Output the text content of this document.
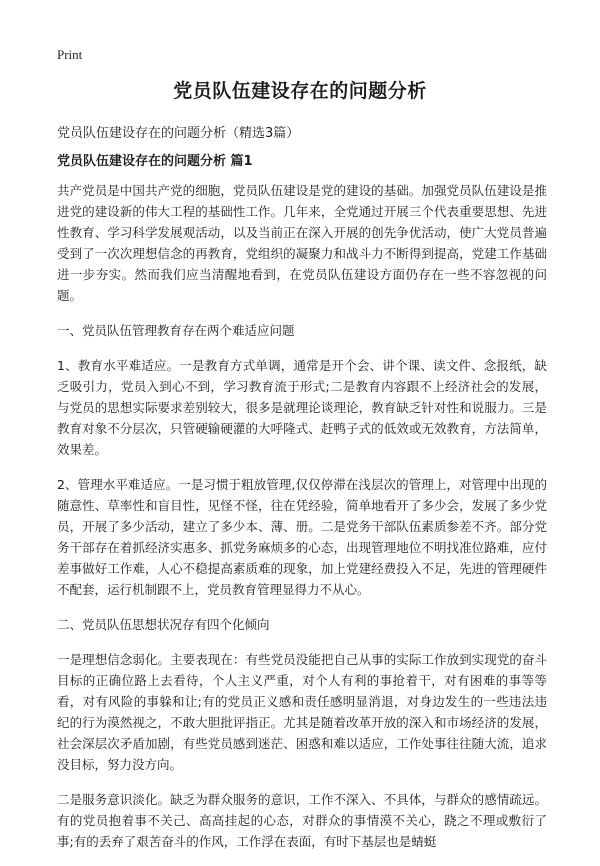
Print
党员队伍建设存在的问题分析
党员队伍建设存在的问题分析（精选3篇）
党员队伍建设存在的问题分析 篇1

共产党员是中国共产党的细胞，党员队伍建设是党的建设的基础。加强党员队伍建设是推进党的建设新的伟大工程的基础性工作。几年来，全党通过开展三个代表重要思想、先进性教育、学习科学发展观活动，以及当前正在深入开展的创先争优活动，使广大党员普遍受到了一次次理想信念的再教育，党组织的凝聚力和战斗力不断得到提高，党建工作基础进一步夯实。然而我们应当清醒地看到，在党员队伍建设方面仍存在一些不容忽视的问题。

一、党员队伍管理教育存在两个难适应问题

1、教育水平难适应。一是教育方式单调，通常是开个会、讲个课、读文件、念报纸，缺乏吸引力，党员入到心不到，学习教育流于形式;二是教育内容跟不上经济社会的发展，与党员的思想实际要求差别较大，很多是就理论谈理论，教育缺乏针对性和说服力。三是教育对象不分层次，只管硬输硬灌的大呼隆式、赶鸭子式的低效或无效教育，方法简单，效果差。

2、管理水平难适应。一是习惯于粗放管理,仅仅停滞在浅层次的管理上，对管理中出现的随意性、草率性和盲目性，见怪不怪，往在凭经验，简单地看开了多少会，发展了多少党员，开展了多少活动，建立了多少本、薄、册。二是党务干部队伍素质参差不齐。部分党务干部存在着抓经济实惠多、抓党务麻烦多的心态，出现管理地位不明找准位路难，应付差事做好工作难，人心不稳提高素质难的现象，加上党建经费投入不足，先进的管理硬件不配套，运行机制跟不上，党员教育管理显得力不从心。

二、党员队伍思想状况存有四个化倾向

一是理想信念弱化。主要表现在：有些党员没能把自己从事的实际工作放到实现党的奋斗目标的正确位路上去看待，个人主义严重，对个人有利的事抢着干，对有困难的事等等看，对有风险的事躲和让;有的党员正义感和责任感明显消退，对身边发生的一些违法违纪的行为漠然视之，不敢大胆批评指正。尤其是随着改革开放的深入和市场经济的发展，社会深层次矛盾加剧，有些党员感到迷茫、困惑和难以适应，工作处事往往随大流，追求没目标，努力没方向。

二是服务意识淡化。缺乏为群众服务的意识，工作不深入、不具体，与群众的感情疏远。有的党员抱着事不关己、高高挂起的心态，对群众的事情漠不关心，跷之不理或敷衍了事;有的丢弃了艰苦奋斗的作风，工作浮在表面，有时下基层也是蜻蜓
